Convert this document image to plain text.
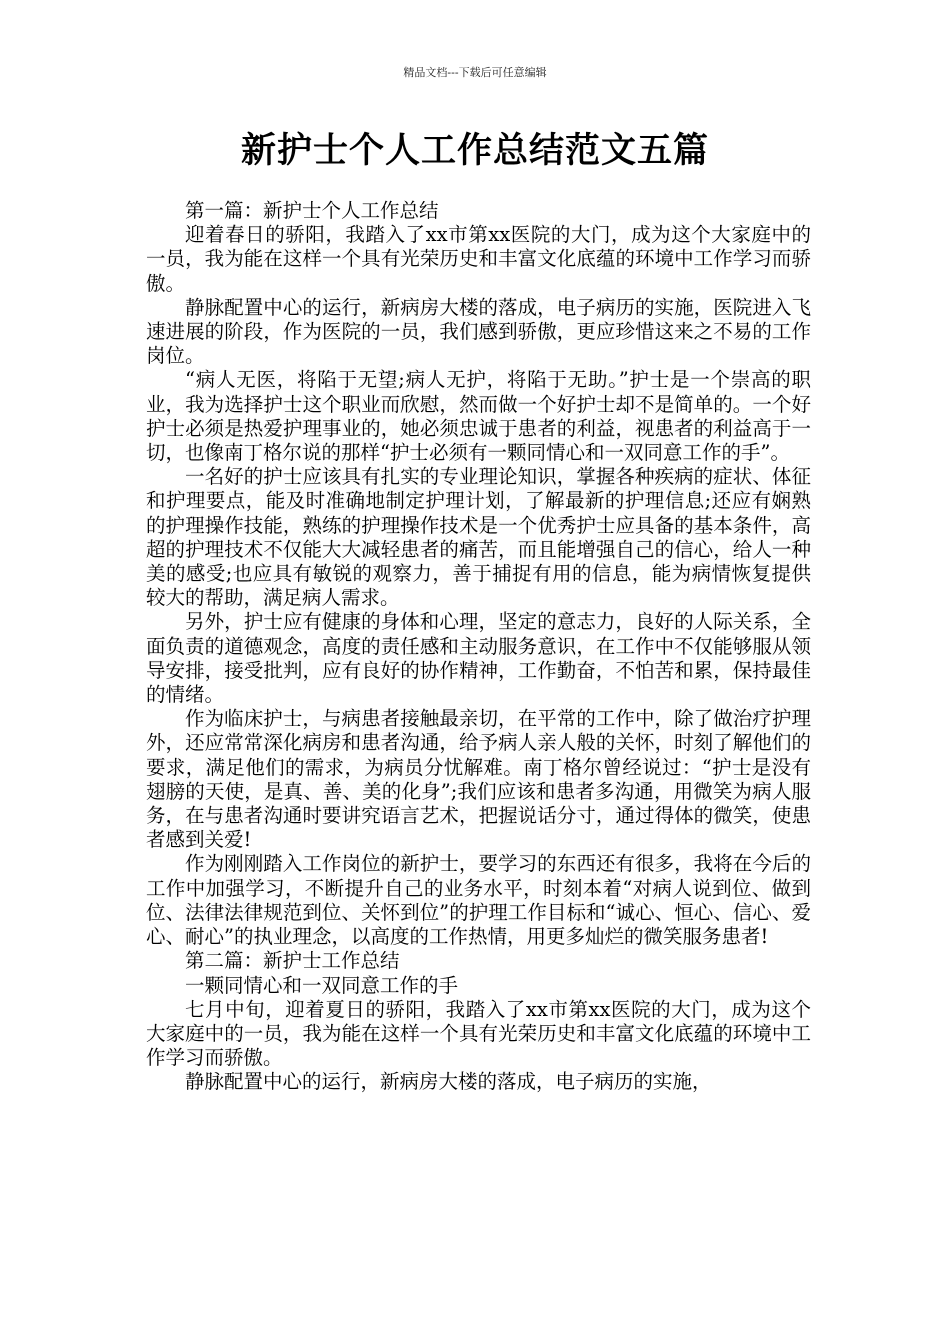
精品文档---下载后可任意编辑
新护士个人工作总结范文五篇

第一篇：新护士个人工作总结

迎着春日的骄阳，我踏入了xx市第xx医院的大门，成为这个大家庭中的一员，我为能在这样一个具有光荣历史和丰富文化底蕴的环境中工作学习而骄傲。

静脉配置中心的运行，新病房大楼的落成，电子病历的实施，医院进入飞速进展的阶段，作为医院的一员，我们感到骄傲，更应珍惜这来之不易的工作岗位。

“病人无医，将陷于无望;病人无护，将陷于无助。”护士是一个崇高的职业，我为选择护士这个职业而欣慰，然而做一个好护士却不是简单的。一个好护士必须是热爱护理事业的，她必须忠诚于患者的利益，视患者的利益高于一切，也像南丁格尔说的那样“护士必须有一颗同情心和一双同意工作的手”。

一名好的护士应该具有扎实的专业理论知识，掌握各种疾病的症状、体征和护理要点，能及时准确地制定护理计划，了解最新的护理信息;还应有娴熟的护理操作技能，熟练的护理操作技术是一个优秀护士应具备的基本条件，高超的护理技术不仅能大大减轻患者的痛苦，而且能增强自己的信心，给人一种美的感受;也应具有敏锐的观察力，善于捕捉有用的信息，能为病情恢复提供较大的帮助，满足病人需求。

另外，护士应有健康的身体和心理，坚定的意志力，良好的人际关系，全面负责的道德观念，高度的责任感和主动服务意识，在工作中不仅能够服从领导安排，接受批判，应有良好的协作精神，工作勤奋，不怕苦和累，保持最佳的情绪。

作为临床护士，与病患者接触最亲切，在平常的工作中，除了做治疗护理外，还应常常深化病房和患者沟通，给予病人亲人般的关怀，时刻了解他们的要求，满足他们的需求，为病员分忧解难。南丁格尔曾经说过：“护士是没有翅膀的天使，是真、善、美的化身”;我们应该和患者多沟通，用微笑为病人服务，在与患者沟通时要讲究语言艺术，把握说话分寸，通过得体的微笑，使患者感到关爱!

作为刚刚踏入工作岗位的新护士，要学习的东西还有很多，我将在今后的工作中加强学习，不断提升自己的业务水平，时刻本着“对病人说到位、做到位、法律法律规范到位、关怀到位”的护理工作目标和“诚心、恒心、信心、爱心、耐心”的执业理念，以高度的工作热情，用更多灿烂的微笑服务患者!

第二篇：新护士工作总结

一颗同情心和一双同意工作的手

七月中旬，迎着夏日的骄阳，我踏入了xx市第xx医院的大门，成为这个大家庭中的一员，我为能在这样一个具有光荣历史和丰富文化底蕴的环境中工作学习而骄傲。

静脉配置中心的运行，新病房大楼的落成，电子病历的实施，
